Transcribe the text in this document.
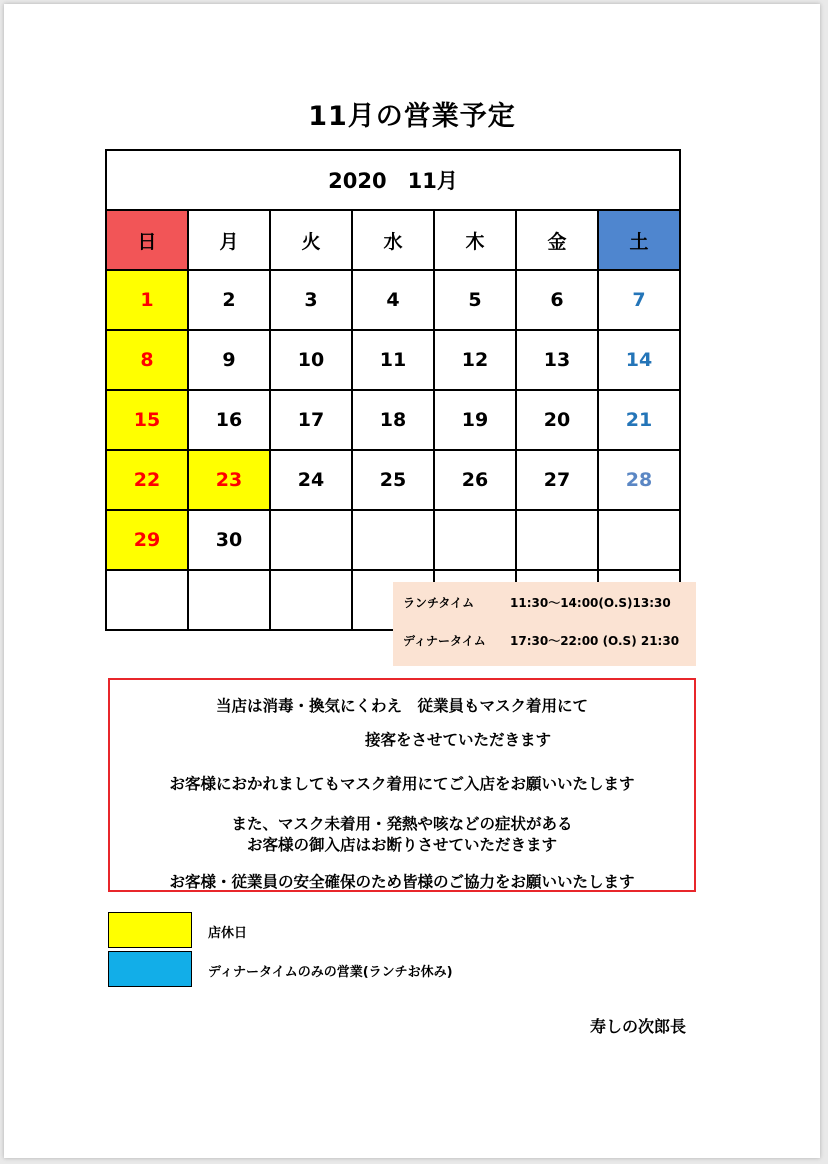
11月の営業予定
2020　11月						
日	月	火	水	木	金	土
1	2	3	4	5	6	7
8	9	10	11	12	13	14
15	16	17	18	19	20	21
22	23	24	25	26	27	28
29	30					

ランチタイム	11:30～14:00(O.S)13:30
ディナータイム	17:30～22:00 (O.S) 21:30
当店は消毒・換気にくわえ　従業員もマスク着用にて
接客をさせていただきます
お客様におかれましてもマスク着用にてご入店をお願いいたします
また、マスク未着用・発熱や咳などの症状がある
お客様の御入店はお断りさせていただきます
お客様・従業員の安全確保のため皆様のご協力をお願いいたします
店休日
ディナータイムのみの営業(ランチお休み)
寿しの次郎長
